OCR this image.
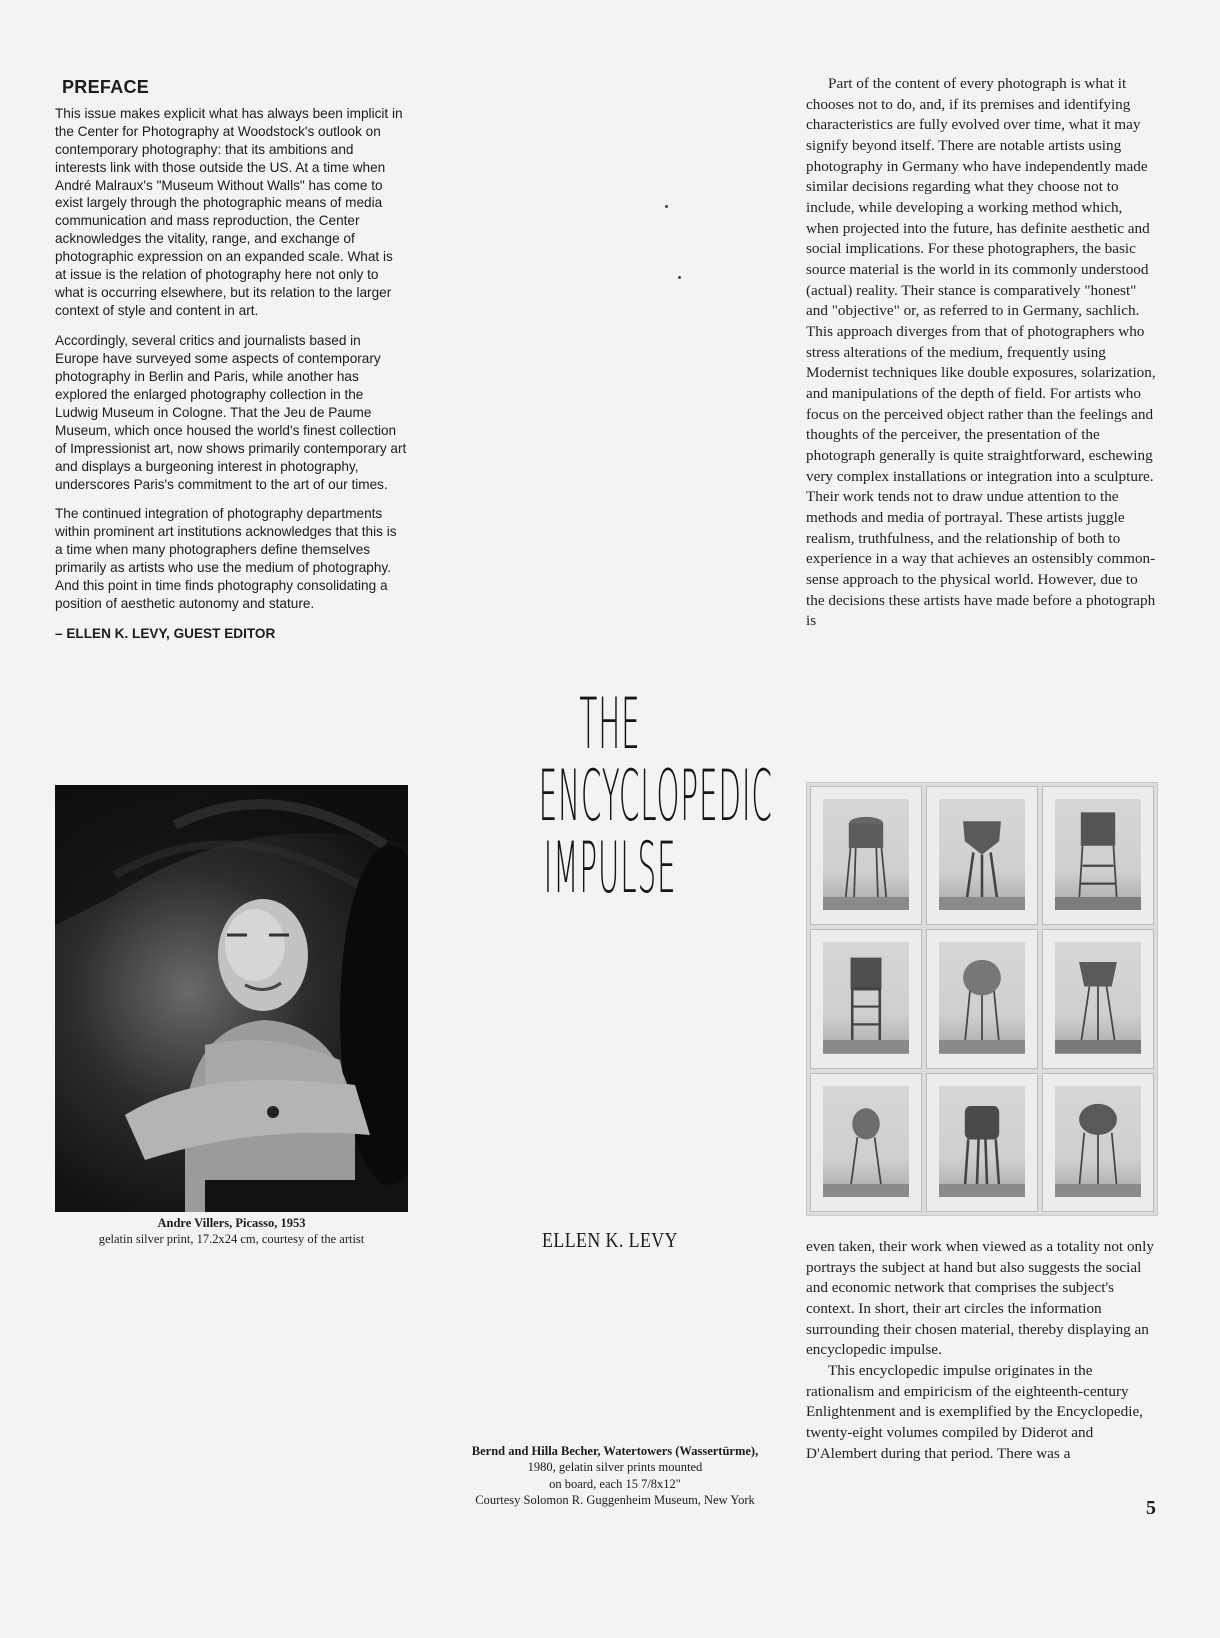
PREFACE

This issue makes explicit what has always been implicit in the Center for Photography at Woodstock's outlook on contemporary photography: that its ambitions and interests link with those outside the US. At a time when André Malraux's "Museum Without Walls" has come to exist largely through the photographic means of media communication and mass reproduction, the Center acknowledges the vitality, range, and exchange of photographic expression on an expanded scale. What is at issue is the relation of photography here not only to what is occurring elsewhere, but its relation to the larger context of style and content in art.

Accordingly, several critics and journalists based in Europe have surveyed some aspects of contemporary photography in Berlin and Paris, while another has explored the enlarged photography collection in the Ludwig Museum in Cologne. That the Jeu de Paume Museum, which once housed the world's finest collection of Impressionist art, now shows primarily contemporary art and displays a burgeoning interest in photography, underscores Paris's commitment to the art of our times.

The continued integration of photography departments within prominent art institutions acknowledges that this is a time when many photographers define themselves primarily as artists who use the medium of photography. And this point in time finds photography consolidating a position of aesthetic autonomy and stature.

– ELLEN K. LEVY, GUEST EDITOR
Andre Villers, Picasso, 1953
gelatin silver print, 17.2x24 cm, courtesy of the artist
THE
ENCYCLOPEDIC
IMPULSE
ELLEN K. LEVY

Part of the content of every photograph is what it chooses not to do, and, if its premises and identifying characteristics are fully evolved over time, what it may signify beyond itself. There are notable artists using photography in Germany who have independently made similar decisions regarding what they choose not to include, while developing a working method which, when projected into the future, has definite aesthetic and social implications. For these photographers, the basic source material is the world in its commonly understood (actual) reality. Their stance is comparatively "honest" and "objective" or, as referred to in Germany, sachlich. This approach diverges from that of photographers who stress alterations of the medium, frequently using Modernist techniques like double exposures, solarization, and manipulations of the depth of field. For artists who focus on the perceived object rather than the feelings and thoughts of the perceiver, the presentation of the photograph generally is quite straightforward, eschewing very complex installations or integration into a sculpture. Their work tends not to draw undue attention to the methods and media of portrayal. These artists juggle realism, truthfulness, and the relationship of both to experience in a way that achieves an ostensibly common-sense approach to the physical world. However, due to the decisions these artists have made before a photograph is

even taken, their work when viewed as a totality not only portrays the subject at hand but also suggests the social and economic network that comprises the subject's context. In short, their art circles the information surrounding their chosen material, thereby displaying an encyclopedic impulse.

This encyclopedic impulse originates in the rationalism and empiricism of the eighteenth-century Enlightenment and is exemplified by the Encyclopedie, twenty-eight volumes compiled by Diderot and D'Alembert during that period. There was a

Bernd and Hilla Becher, Watertowers (Wassertürme),
1980, gelatin silver prints mounted
on board, each 15 7/8x12"
Courtesy Solomon R. Guggenheim Museum, New York	5
